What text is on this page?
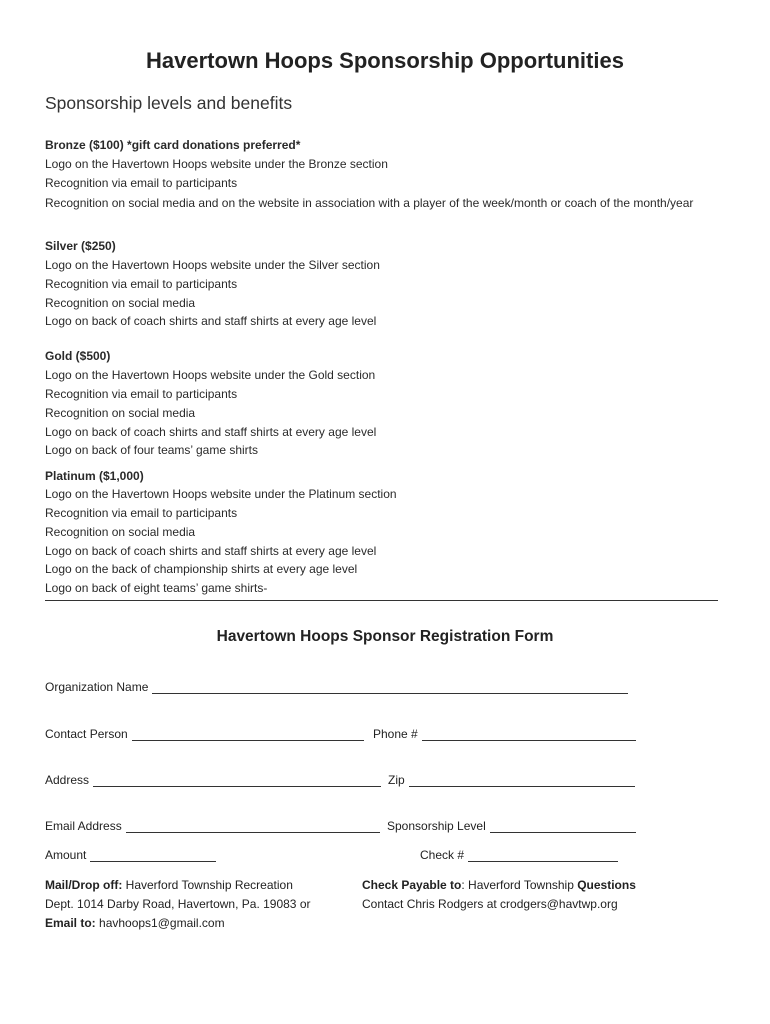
Havertown Hoops Sponsorship Opportunities
Sponsorship levels and benefits
Bronze ($100) *gift card donations preferred*
Logo on the Havertown Hoops website under the Bronze section
Recognition via email to participants
Recognition on social media and on the website in association with a player of the week/month or coach of the month/year
Silver ($250)
Logo on the Havertown Hoops website under the Silver section
Recognition via email to participants
Recognition on social media
Logo on back of coach shirts and staff shirts at every age level
Gold ($500)
Logo on the Havertown Hoops website under the Gold section
Recognition via email to participants
Recognition on social media
Logo on back of coach shirts and staff shirts at every age level
Logo on back of four teams’ game shirts
Platinum ($1,000)
Logo on the Havertown Hoops website under the Platinum section
Recognition via email to participants
Recognition on social media
Logo on back of coach shirts and staff shirts at every age level
Logo on the back of championship shirts at every age level
Logo on back of eight teams’ game shirts-
Havertown Hoops Sponsor Registration Form
Organization Name
Contact Person	Phone #
Address	Zip
Email Address	Sponsorship Level
Amount	Check #
Mail/Drop off: Haverford Township Recreation
Dept. 1014 Darby Road, Havertown, Pa. 19083 or
Email to: havhoops1@gmail.com
Check Payable to: Haverford Township Questions
Contact Chris Rodgers at crodgers@havtwp.org
